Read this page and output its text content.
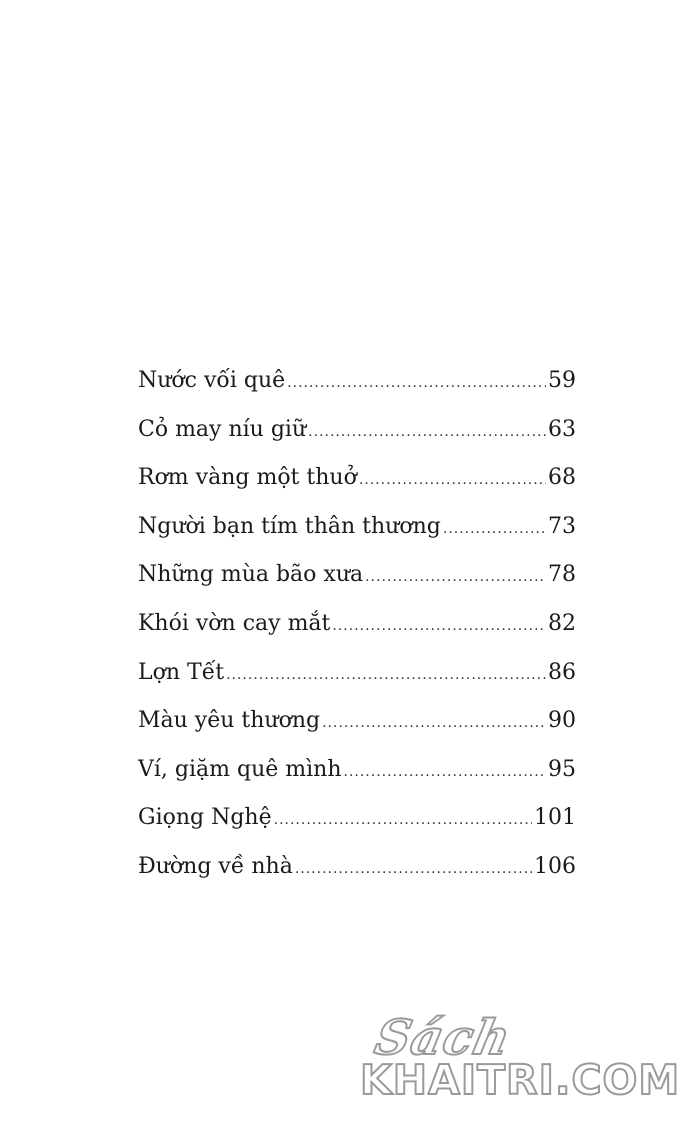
Nước vối quê .....	59
Cỏ may níu giữ .....	63
Rơm vàng một thuở .....	68
Người bạn tím thân thương .....	73
Những mùa bão xưa .....	78
Khói vờn cay mắt .....	82
Lợn Tết .....	86
Màu yêu thương .....	90
Ví, giặm quê mình .....	95
Giọng Nghệ .....	101
Đường về nhà .....	106
Sách
KHAITRI.COM
